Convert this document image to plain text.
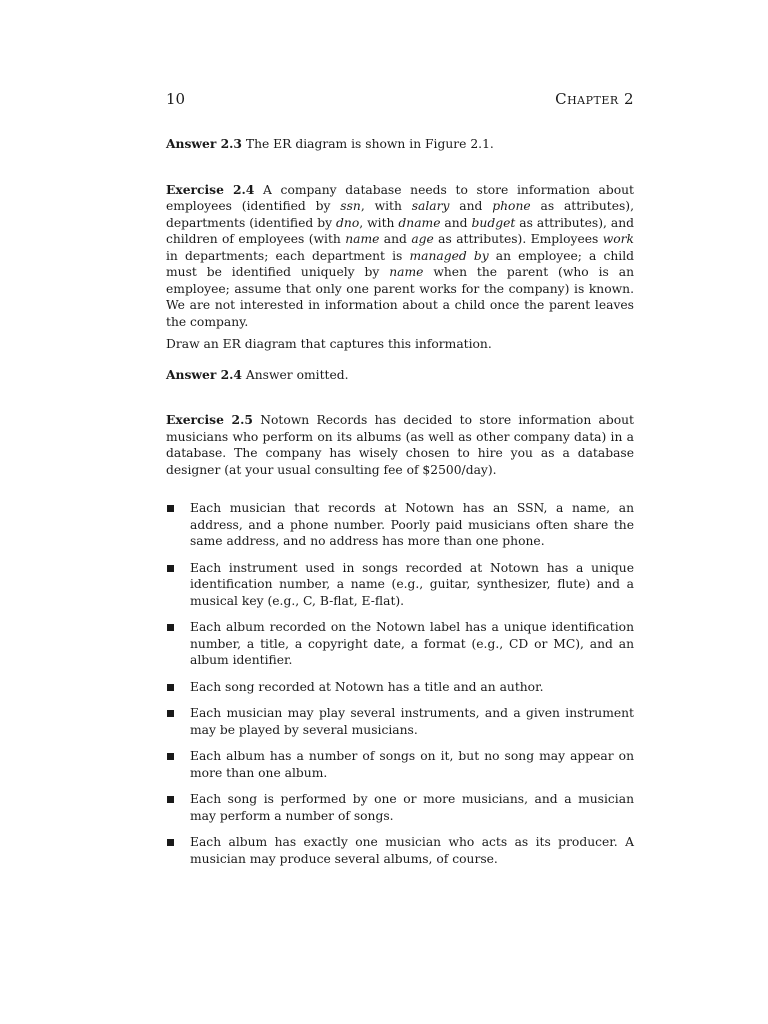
10	Chapter 2

Answer 2.3 The ER diagram is shown in Figure 2.1.

Exercise 2.4 A company database needs to store information about employees (identified by ssn, with salary and phone as attributes), departments (identified by dno, with dname and budget as attributes), and children of employees (with name and age as attributes). Employees work in departments; each department is managed by an employee; a child must be identified uniquely by name when the parent (who is an employee; assume that only one parent works for the company) is known. We are not interested in information about a child once the parent leaves the company.

Draw an ER diagram that captures this information.

Answer 2.4 Answer omitted.

Exercise 2.5 Notown Records has decided to store information about musicians who perform on its albums (as well as other company data) in a database. The company has wisely chosen to hire you as a database designer (at your usual consulting fee of $2500/day).

Each musician that records at Notown has an SSN, a name, an address, and a phone number. Poorly paid musicians often share the same address, and no address has more than one phone.
Each instrument used in songs recorded at Notown has a unique identification number, a name (e.g., guitar, synthesizer, flute) and a musical key (e.g., C, B-flat, E-flat).
Each album recorded on the Notown label has a unique identification number, a title, a copyright date, a format (e.g., CD or MC), and an album identifier.
Each song recorded at Notown has a title and an author.
Each musician may play several instruments, and a given instrument may be played by several musicians.
Each album has a number of songs on it, but no song may appear on more than one album.
Each song is performed by one or more musicians, and a musician may perform a number of songs.
Each album has exactly one musician who acts as its producer. A musician may produce several albums, of course.
